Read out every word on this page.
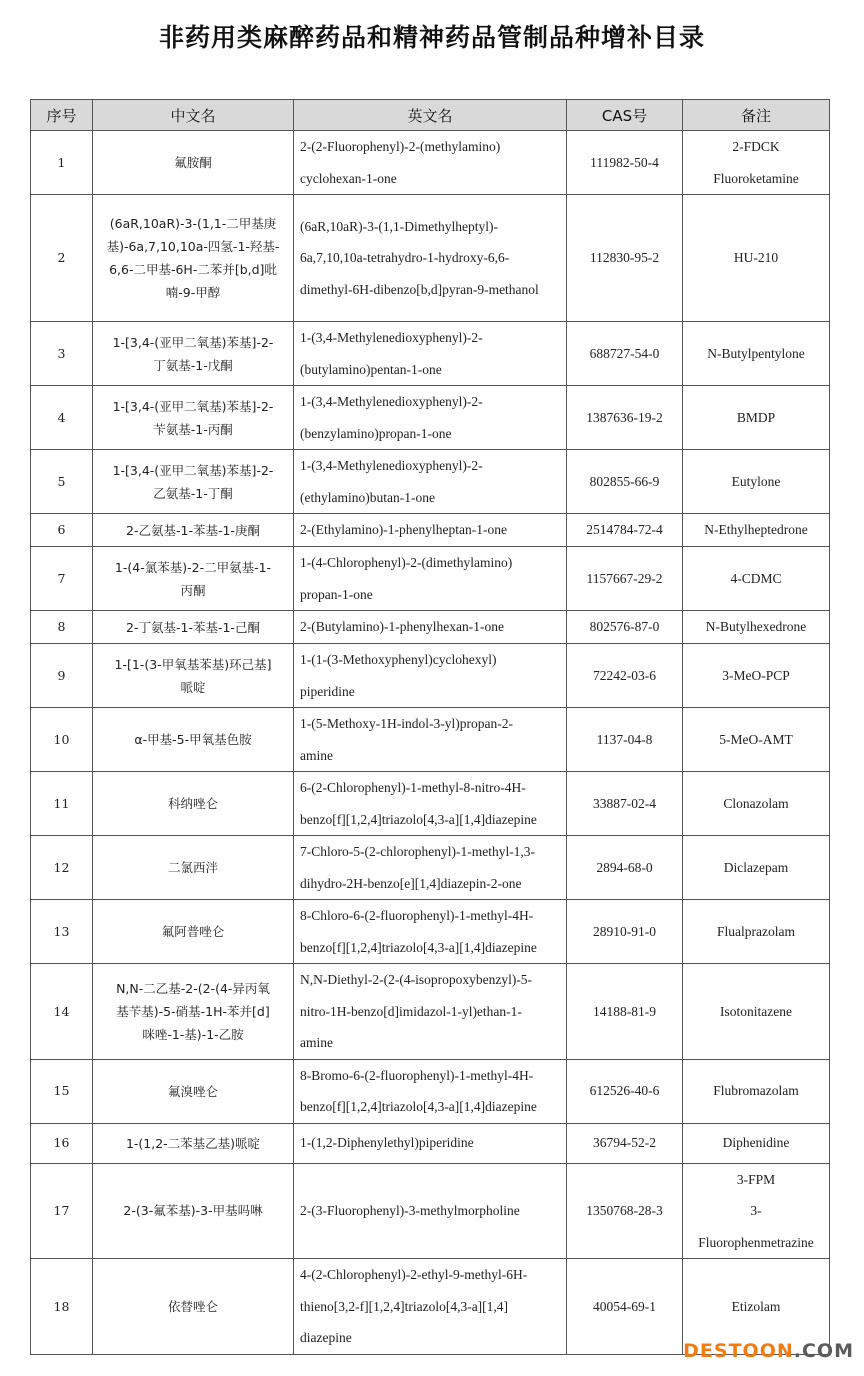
非药用类麻醉药品和精神药品管制品种增补目录
序号	中文名	英文名	CAS号	备注
1	氟胺酮	2-(2-Fluorophenyl)-2-(methylamino)
cyclohexan-1-one	111982-50-4	2-FDCK
Fluoroketamine

2	(6aR,10aR)-3-(1,1-二甲基庚
基)-6a,7,10,10a-四氢-1-羟基-
6,6-二甲基-6H-二苯并[b,d]吡
喃-9-甲醇	(6aR,10aR)-3-(1,1-Dimethylheptyl)-
6a,7,10,10a-tetrahydro-1-hydroxy-6,6-
dimethyl-6H-dibenzo[b,d]pyran-9-methanol	112830-95-2	HU-210

3	1-[3,4-(亚甲二氧基)苯基]-2-
丁氨基-1-戊酮	1-(3,4-Methylenedioxyphenyl)-2-
(butylamino)pentan-1-one	688727-54-0	N-Butylpentylone

4	1-[3,4-(亚甲二氧基)苯基]-2-
苄氨基-1-丙酮	1-(3,4-Methylenedioxyphenyl)-2-
(benzylamino)propan-1-one	1387636-19-2	BMDP

5	1-[3,4-(亚甲二氧基)苯基]-2-
乙氨基-1-丁酮	1-(3,4-Methylenedioxyphenyl)-2-
(ethylamino)butan-1-one	802855-66-9	Eutylone

6	2-乙氨基-1-苯基-1-庚酮	2-(Ethylamino)-1-phenylheptan-1-one	2514784-72-4	N-Ethylheptedrone

7	1-(4-氯苯基)-2-二甲氨基-1-
丙酮	1-(4-Chlorophenyl)-2-(dimethylamino)
propan-1-one	1157667-29-2	4-CDMC

8	2-丁氨基-1-苯基-1-己酮	2-(Butylamino)-1-phenylhexan-1-one	802576-87-0	N-Butylhexedrone

9	1-[1-(3-甲氧基苯基)环己基]
哌啶	1-(1-(3-Methoxyphenyl)cyclohexyl)
piperidine	72242-03-6	3-MeO-PCP

10	α-甲基-5-甲氧基色胺	1-(5-Methoxy-1H-indol-3-yl)propan-2-
amine	1137-04-8	5-MeO-AMT

11	科纳唑仑	6-(2-Chlorophenyl)-1-methyl-8-nitro-4H-
benzo[f][1,2,4]triazolo[4,3-a][1,4]diazepine	33887-02-4	Clonazolam

12	二氯西泮	7-Chloro-5-(2-chlorophenyl)-1-methyl-1,3-
dihydro-2H-benzo[e][1,4]diazepin-2-one	2894-68-0	Diclazepam

13	氟阿普唑仑	8-Chloro-6-(2-fluorophenyl)-1-methyl-4H-
benzo[f][1,2,4]triazolo[4,3-a][1,4]diazepine	28910-91-0	Flualprazolam

14	N,N-二乙基-2-(2-(4-异丙氧
基苄基)-5-硝基-1H-苯并[d]
咪唑-1-基)-1-乙胺	N,N-Diethyl-2-(2-(4-isopropoxybenzyl)-5-
nitro-1H-benzo[d]imidazol-1-yl)ethan-1-
amine	14188-81-9	Isotonitazene

15	氟溴唑仑	8-Bromo-6-(2-fluorophenyl)-1-methyl-4H-
benzo[f][1,2,4]triazolo[4,3-a][1,4]diazepine	612526-40-6	Flubromazolam

16	1-(1,2-二苯基乙基)哌啶	1-(1,2-Diphenylethyl)piperidine	36794-52-2	Diphenidine

17	2-(3-氟苯基)-3-甲基吗啉	2-(3-Fluorophenyl)-3-methylmorpholine	1350768-28-3	3-FPM
3-
Fluorophenmetrazine

18	依替唑仑	4-(2-Chlorophenyl)-2-ethyl-9-methyl-6H-
thieno[3,2-f][1,2,4]triazolo[4,3-a][1,4]
diazepine	40054-69-1	Etizolam
DESTOON.COM
